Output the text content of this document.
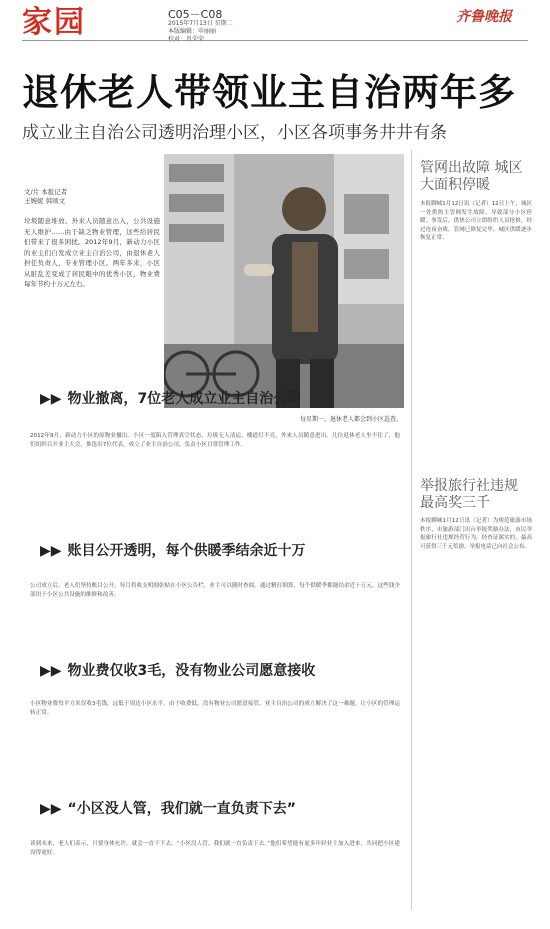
家园	C05－C08
2015年7月13日 星期二
本版编辑：申丽丽

齐鲁晚报
退休老人带领业主自治两年多
成立业主自治公司透明治理小区，小区各项事务井井有条
文/片 本报记者
王婉妮 韩颂文
垃圾随意堆放、外来人员随意出入，公共设施无人维护……由于缺乏物业管理，这些给居民们带来了很多困扰。2012年9月，新动力小区的业主们自发成立业主自治公司，由退休老人担任负责人，专业管理小区。两年多来，小区从脏乱差变成了居民眼中的优秀小区，物业费每年节约十万元左右。
每星期一，退休老人都会到小区巡查。
管网出故障 城区大面积停暖
本报聊城1月12日讯（记者）12日上午，城区一处供热主管网发生故障，导致部分小区停暖。事发后，供热公司立即组织人员抢修，经过连夜奋战，管网已修复完毕，城区供暖逐步恢复正常。
举报旅行社违规 最高奖三千
本报聊城1月12日讯（记者）为规范旅游市场秩序，市旅游部门出台举报奖励办法，市民举报旅行社违规经营行为，经查证属实的，最高可获得三千元奖励。举报电话已向社会公布。
▶▶ 物业撤离，7位老人成立业主自治公司
2012年9月，新动力小区的原物业撤出。小区一度陷入管理真空状态，垃圾无人清运，楼道灯不亮，外来人员随意进出。几位退休老人坐不住了，他们组织召开业主大会，推选出7位代表，成立了业主自治公司，负责小区日常管理工作。
▶▶ 账目公开透明，每个供暖季结余近十万
公司成立后，老人们坚持账目公开，每月将收支明细张贴在小区公告栏，业主可以随时查阅。通过精打细算，每个供暖季都能结余近十万元，这些钱全部用于小区公共设施的维修和改善。
▶▶ 物业费仅收3毛，没有物业公司愿意接收
小区物业费每平方米仅收3毛钱，远低于周边小区水平。由于收费低，没有物业公司愿意接管，业主自治公司的成立解决了这一难题，让小区的管理运转正常。
▶▶ “小区没人管，我们就一直负责下去”
谈到未来，老人们表示，只要身体允许，就会一直干下去。“小区没人管，我们就一直负责下去。”他们希望能有更多年轻业主加入进来，共同把小区建设得更好。
